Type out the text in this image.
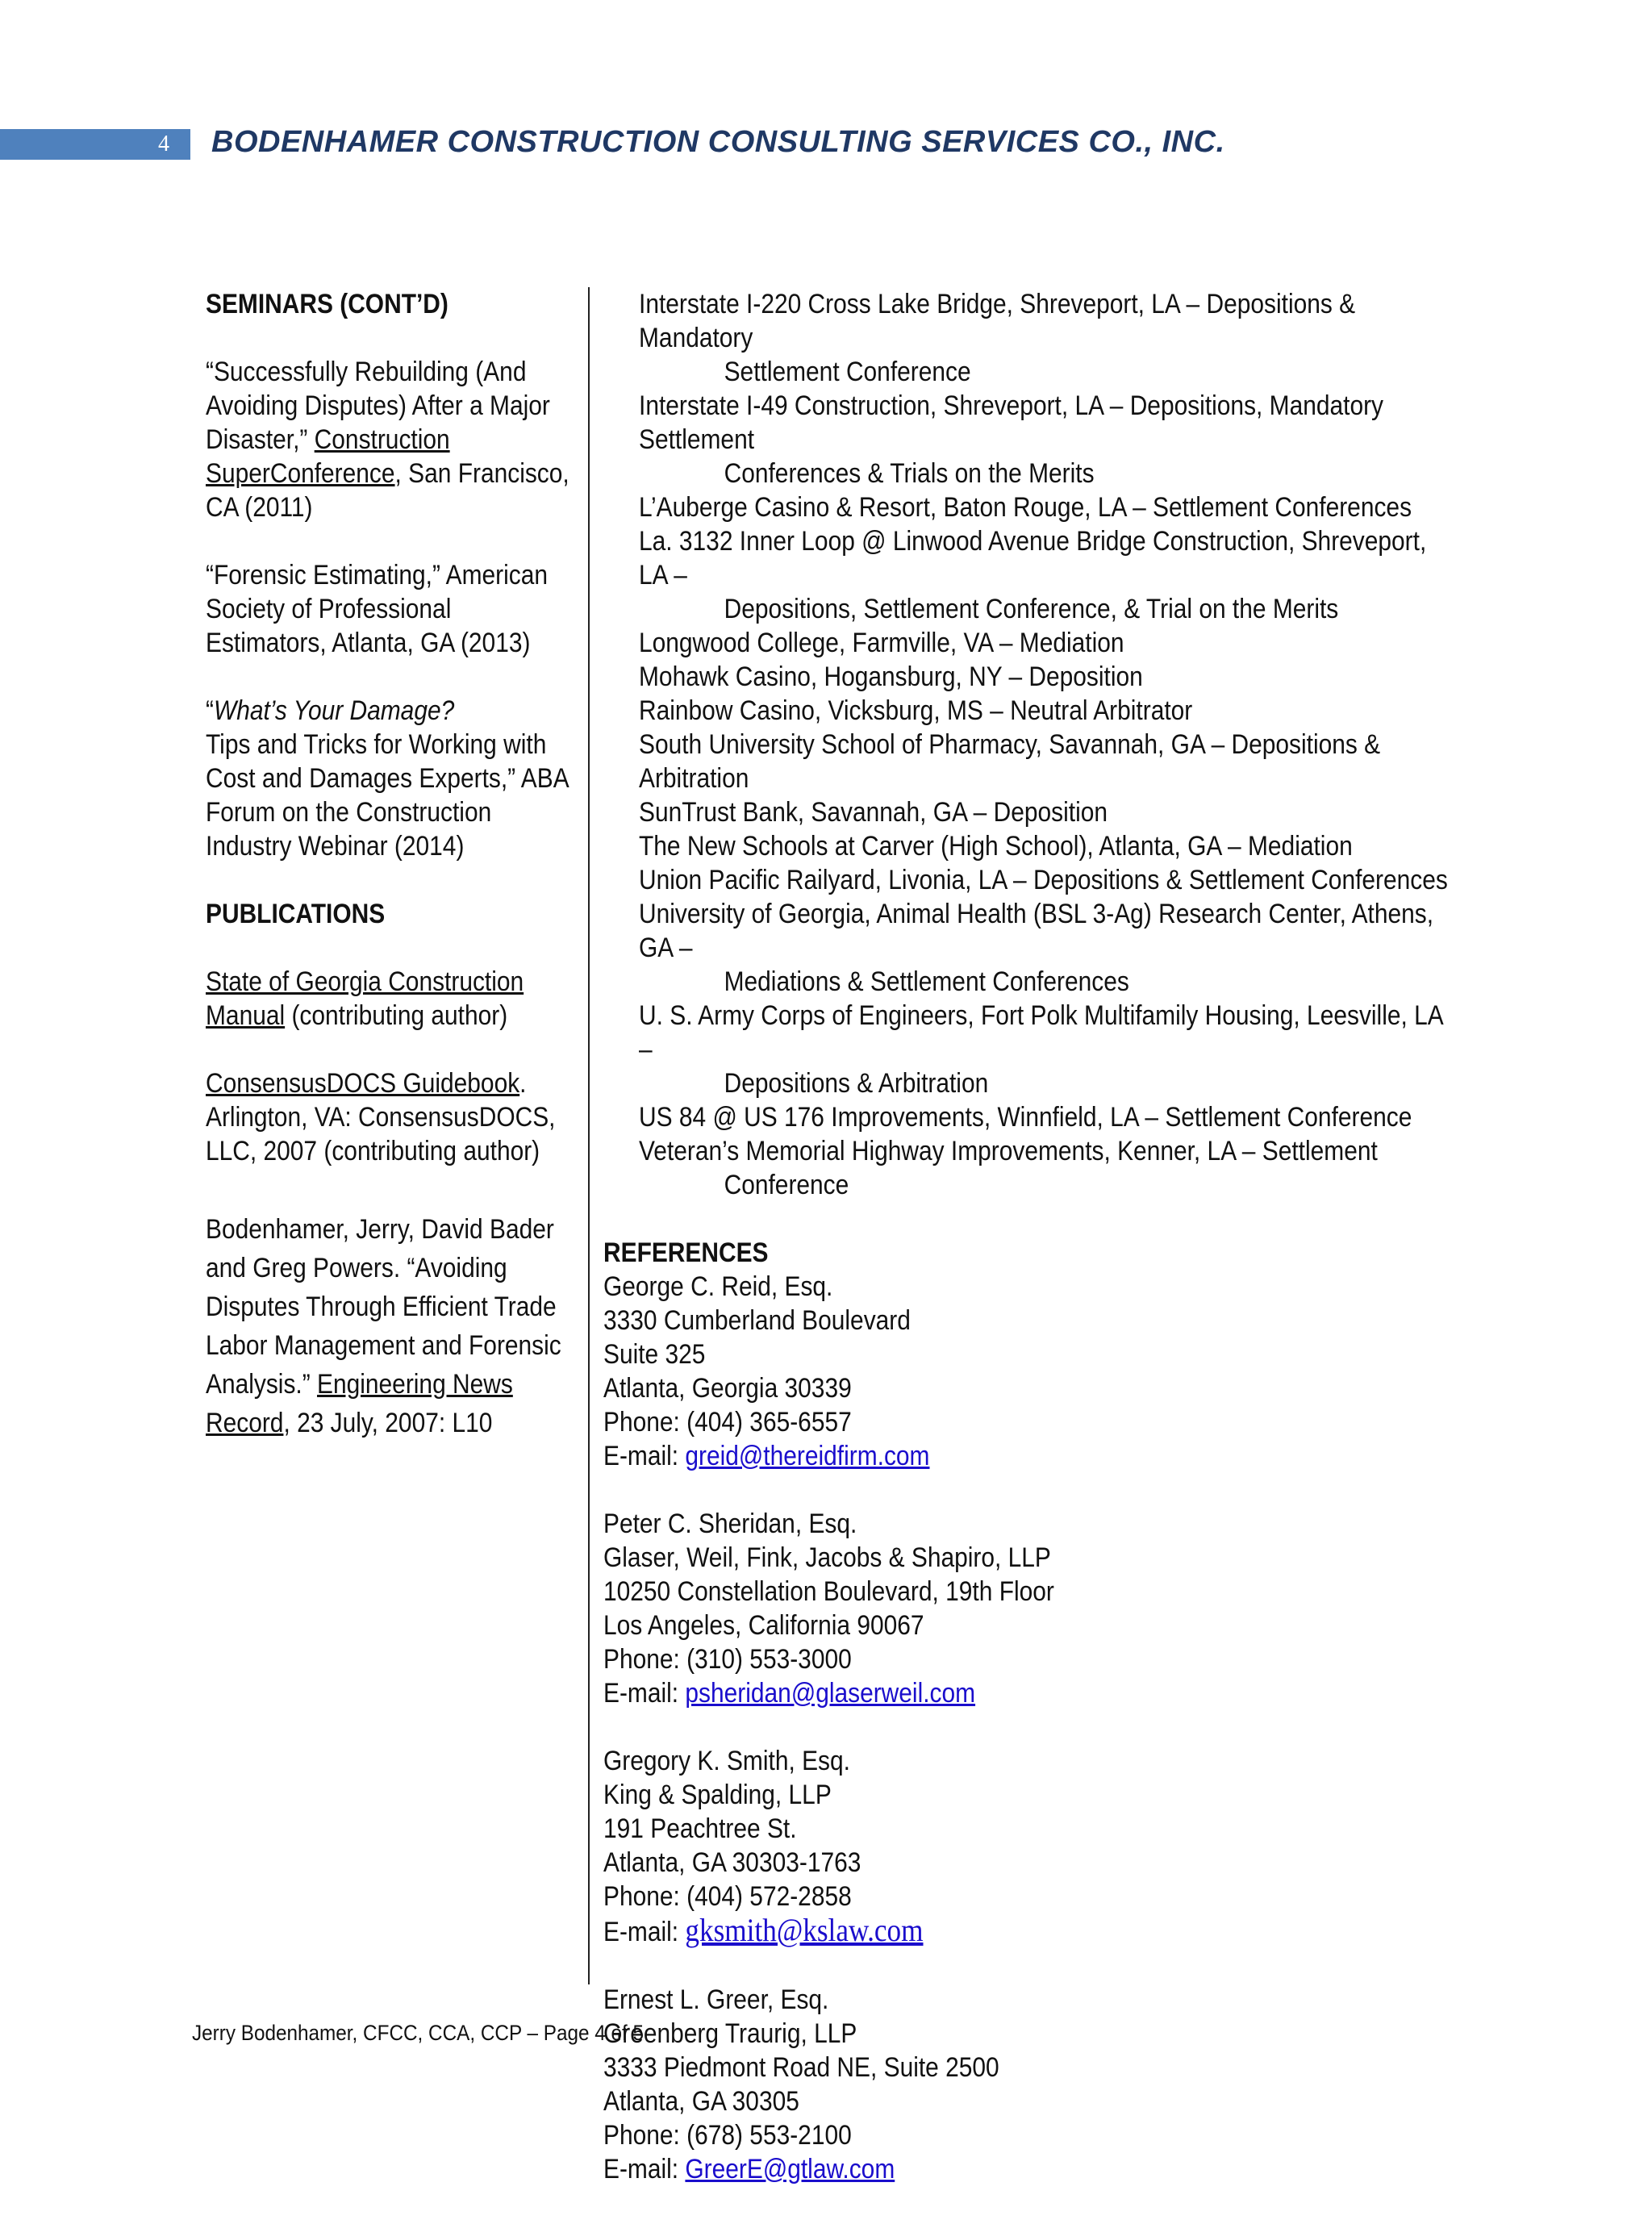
4 BODENHAMER CONSTRUCTION CONSULTING SERVICES CO., INC.
SEMINARS (CONT’D)
“Successfully Rebuilding (And
Avoiding Disputes) After a Major
Disaster,” Construction
SuperConference, San Francisco,
CA (2011)
“Forensic Estimating,” American
Society of Professional
Estimators, Atlanta, GA (2013)
“What’s Your Damage?
Tips and Tricks for Working with
Cost and Damages Experts,” ABA
Forum on the Construction
Industry Webinar (2014)
PUBLICATIONS
State of Georgia Construction
Manual (contributing author)
ConsensusDOCS Guidebook.
Arlington, VA: ConsensusDOCS,
LLC, 2007 (contributing author)
Bodenhamer, Jerry, David Bader
and Greg Powers. “Avoiding
Disputes Through Efficient Trade
Labor Management and Forensic
Analysis.” Engineering News
Record, 23 July, 2007: L10
Interstate I-220 Cross Lake Bridge, Shreveport, LA – Depositions & Mandatory
Settlement Conference
Interstate I-49 Construction, Shreveport, LA – Depositions, Mandatory Settlement
Conferences & Trials on the Merits
L’Auberge Casino & Resort, Baton Rouge, LA – Settlement Conferences
La. 3132 Inner Loop @ Linwood Avenue Bridge Construction, Shreveport, LA –
Depositions, Settlement Conference, & Trial on the Merits
Longwood College, Farmville, VA – Mediation
Mohawk Casino, Hogansburg, NY – Deposition
Rainbow Casino, Vicksburg, MS – Neutral Arbitrator
South University School of Pharmacy, Savannah, GA – Depositions & Arbitration
SunTrust Bank, Savannah, GA – Deposition
The New Schools at Carver (High School), Atlanta, GA – Mediation
Union Pacific Railyard, Livonia, LA – Depositions & Settlement Conferences
University of Georgia, Animal Health (BSL 3-Ag) Research Center, Athens, GA –
Mediations & Settlement Conferences
U. S. Army Corps of Engineers, Fort Polk Multifamily Housing, Leesville, LA –
Depositions & Arbitration
US 84 @ US 176 Improvements, Winnfield, LA – Settlement Conference
Veteran’s Memorial Highway Improvements, Kenner, LA – Settlement
Conference
REFERENCES
George C. Reid, Esq.
3330 Cumberland Boulevard
Suite 325
Atlanta, Georgia 30339
Phone: (404) 365-6557
E-mail: greid@thereidfirm.com
Peter C. Sheridan, Esq.
Glaser, Weil, Fink, Jacobs & Shapiro, LLP
10250 Constellation Boulevard, 19th Floor
Los Angeles, California 90067
Phone: (310) 553-3000
E-mail: psheridan@glaserweil.com
Gregory K. Smith, Esq.
King & Spalding, LLP
191 Peachtree St.
Atlanta, GA 30303-1763
Phone: (404) 572-2858
E-mail: gksmith@kslaw.com
Ernest L. Greer, Esq.
Greenberg Traurig, LLP
3333 Piedmont Road NE, Suite 2500
Atlanta, GA 30305
Phone: (678) 553-2100
E-mail: GreerE@gtlaw.com
Jerry Bodenhamer, CFCC, CCA, CCP – Page 4 of 5
